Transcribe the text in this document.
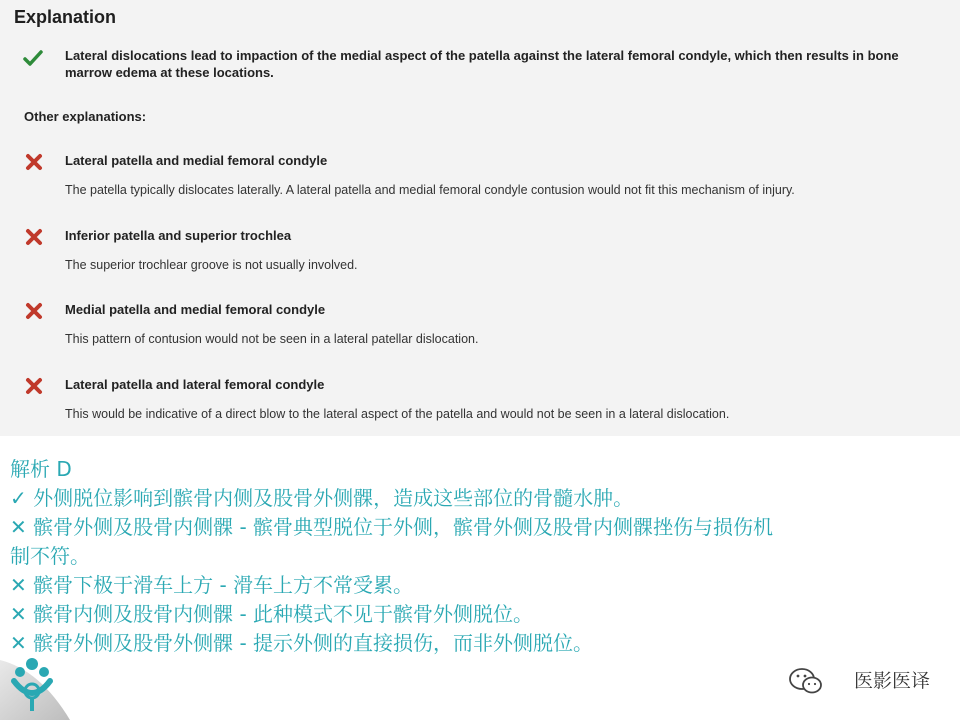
Explanation
Lateral dislocations lead to impaction of the medial aspect of the patella against the lateral femoral condyle, which then results in bone marrow edema at these locations.
Other explanations:
Lateral patella and medial femoral condyle
The patella typically dislocates laterally. A lateral patella and medial femoral condyle contusion would not fit this mechanism of injury.
Inferior patella and superior trochlea
The superior trochlear groove is not usually involved.
Medial patella and medial femoral condyle
This pattern of contusion would not be seen in a lateral patellar dislocation.
Lateral patella and lateral femoral condyle
This would be indicative of a direct blow to the lateral aspect of the patella and would not be seen in a lateral dislocation.
解析 D
✓ 外侧脱位影响到髌骨内侧及股骨外侧髁，造成这些部位的骨髓水肿。
✕ 髌骨外侧及股骨内侧髁 - 髌骨典型脱位于外侧，髌骨外侧及股骨内侧髁挫伤与损伤机
制不符。
✕ 髌骨下极于滑车上方 - 滑车上方不常受累。
✕ 髌骨内侧及股骨内侧髁 - 此种模式不见于髌骨外侧脱位。
✕ 髌骨外侧及股骨外侧髁 - 提示外侧的直接损伤，而非外侧脱位。
医影医译
